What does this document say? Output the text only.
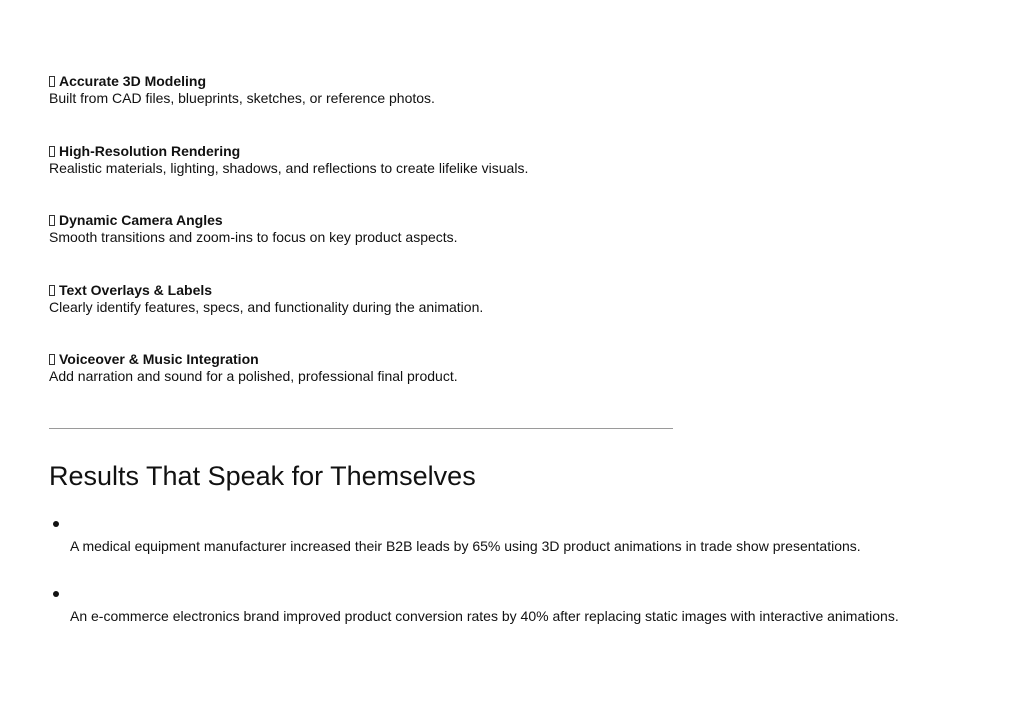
Accurate 3D Modeling
Built from CAD files, blueprints, sketches, or reference photos.
High-Resolution Rendering
Realistic materials, lighting, shadows, and reflections to create lifelike visuals.
Dynamic Camera Angles
Smooth transitions and zoom-ins to focus on key product aspects.
Text Overlays & Labels
Clearly identify features, specs, and functionality during the animation.
Voiceover & Music Integration
Add narration and sound for a polished, professional final product.
Results That Speak for Themselves
A medical equipment manufacturer increased their B2B leads by 65% using 3D product animations in trade show presentations.
An e-commerce electronics brand improved product conversion rates by 40% after replacing static images with interactive animations.
